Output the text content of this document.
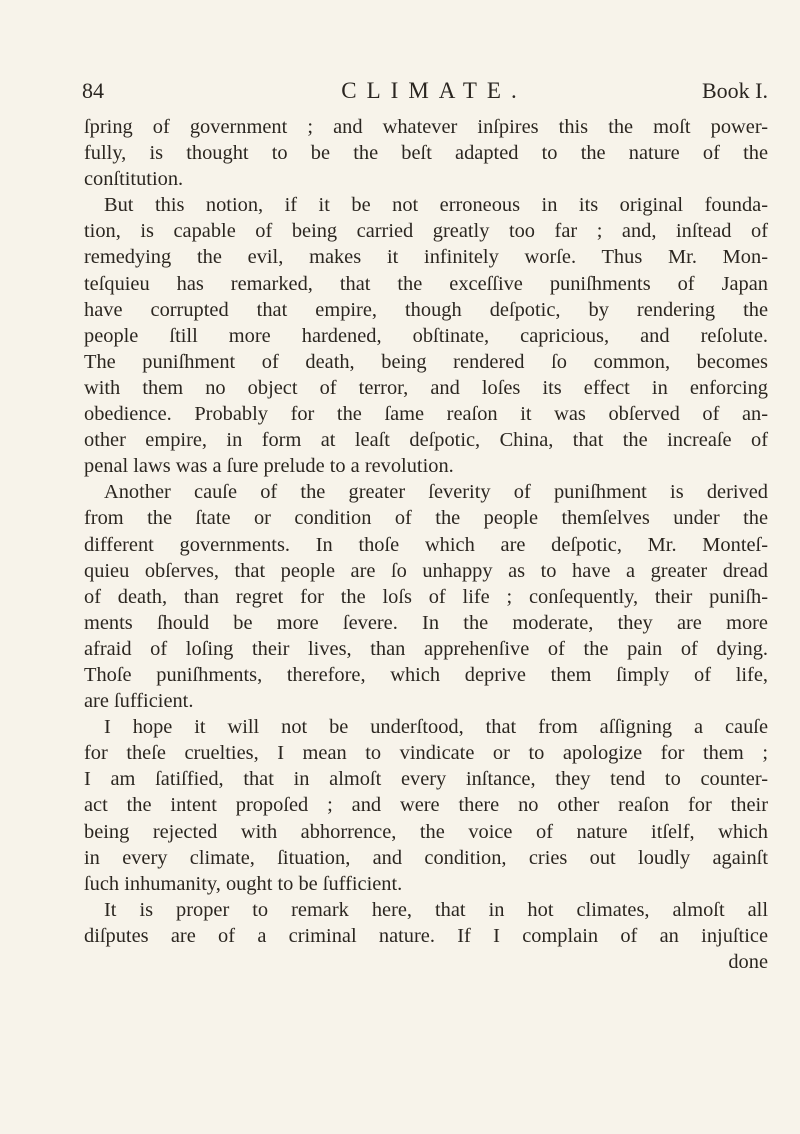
84	CLIMATE.	Book I.
ſpring of government ; and whatever inſpires this the moſt power-
fully, is thought to be the beſt adapted to the nature of the
conſtitution.
But this notion, if it be not erroneous in its original founda-
tion, is capable of being carried greatly too far ; and, inſtead of
remedying the evil, makes it infinitely worſe. Thus Mr. Mon-
teſquieu has remarked, that the exceſſive puniſhments of Japan
have corrupted that empire, though deſpotic, by rendering the
people ſtill more hardened, obſtinate, capricious, and reſolute.
The puniſhment of death, being rendered ſo common, becomes
with them no object of terror, and loſes its effect in enforcing
obedience. Probably for the ſame reaſon it was obſerved of an-
other empire, in form at leaſt deſpotic, China, that the increaſe of
penal laws was a ſure prelude to a revolution.
Another cauſe of the greater ſeverity of puniſhment is derived
from the ſtate or condition of the people themſelves under the
different governments. In thoſe which are deſpotic, Mr. Monteſ-
quieu obſerves, that people are ſo unhappy as to have a greater dread
of death, than regret for the loſs of life ; conſequently, their puniſh-
ments ſhould be more ſevere. In the moderate, they are more
afraid of loſing their lives, than apprehenſive of the pain of dying.
Thoſe puniſhments, therefore, which deprive them ſimply of life,
are ſufficient.
I hope it will not be underſtood, that from aſſigning a cauſe
for theſe cruelties, I mean to vindicate or to apologize for them ;
I am ſatiſfied, that in almoſt every inſtance, they tend to counter-
act the intent propoſed ; and were there no other reaſon for their
being rejected with abhorrence, the voice of nature itſelf, which
in every climate, ſituation, and condition, cries out loudly againſt
ſuch inhumanity, ought to be ſufficient.
It is proper to remark here, that in hot climates, almoſt all
diſputes are of a criminal nature. If I complain of an injuſtice
done
